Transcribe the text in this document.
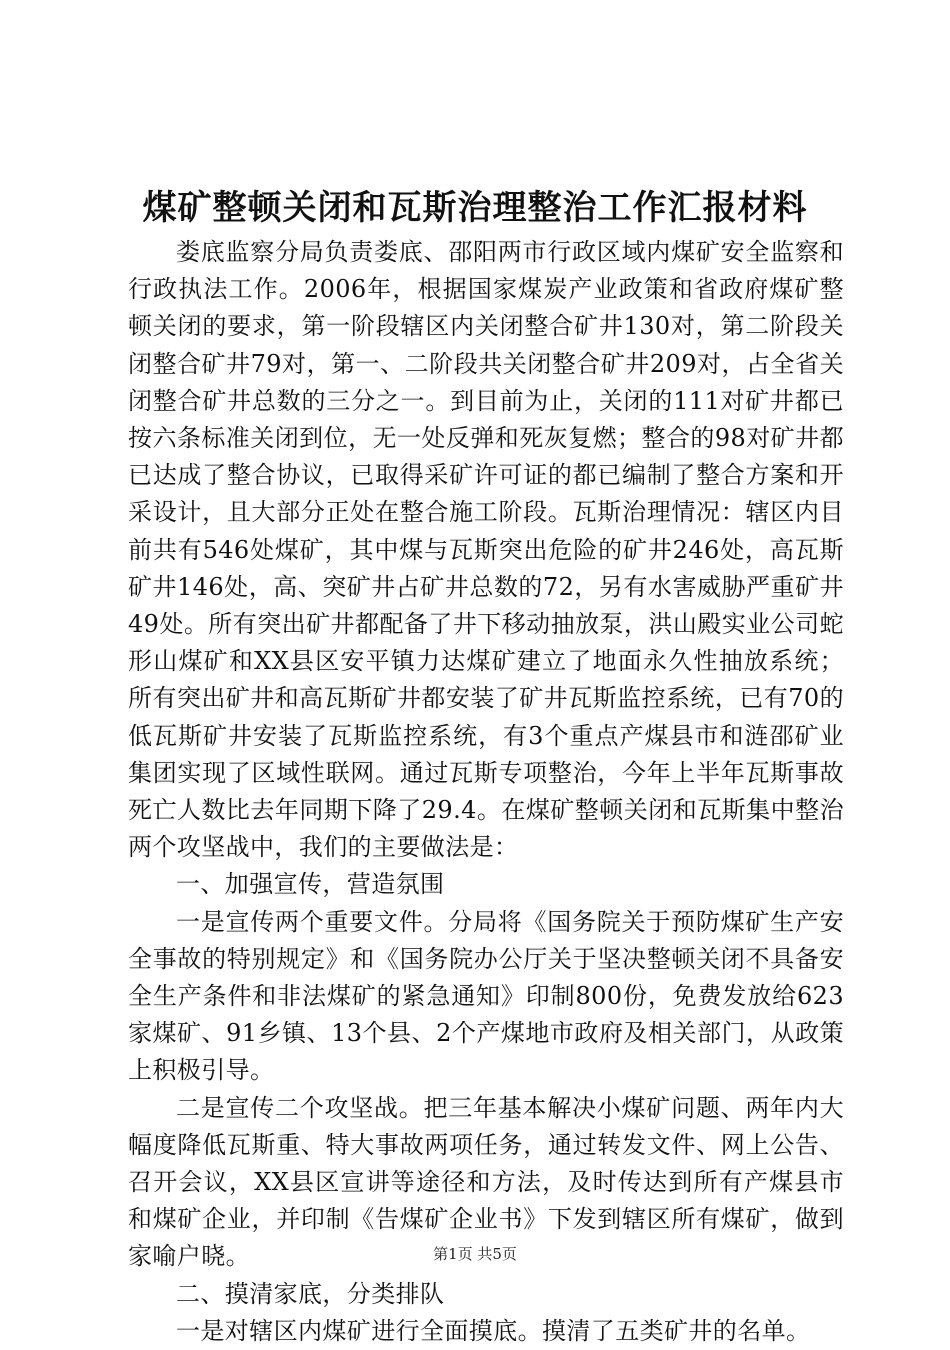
煤矿整顿关闭和瓦斯治理整治工作汇报材料

娄底监察分局负责娄底、邵阳两市行政区域内煤矿安全监察和行政执法工作。2006年，根据国家煤炭产业政策和省政府煤矿整顿关闭的要求，第一阶段辖区内关闭整合矿井130对，第二阶段关闭整合矿井79对，第一、二阶段共关闭整合矿井209对，占全省关闭整合矿井总数的三分之一。到目前为止，关闭的111对矿井都已按六条标准关闭到位，无一处反弹和死灰复燃；整合的98对矿井都已达成了整合协议，已取得采矿许可证的都已编制了整合方案和开采设计，且大部分正处在整合施工阶段。瓦斯治理情况：辖区内目前共有546处煤矿，其中煤与瓦斯突出危险的矿井246处，高瓦斯矿井146处，高、突矿井占矿井总数的72，另有水害威胁严重矿井49处。所有突出矿井都配备了井下移动抽放泵，洪山殿实业公司蛇形山煤矿和XX县区安平镇力达煤矿建立了地面永久性抽放系统；所有突出矿井和高瓦斯矿井都安装了矿井瓦斯监控系统，已有70的低瓦斯矿井安装了瓦斯监控系统，有3个重点产煤县市和涟邵矿业集团实现了区域性联网。通过瓦斯专项整治，今年上半年瓦斯事故死亡人数比去年同期下降了29.4。在煤矿整顿关闭和瓦斯集中整治两个攻坚战中，我们的主要做法是：

一、加强宣传，营造氛围

一是宣传两个重要文件。分局将《国务院关于预防煤矿生产安全事故的特别规定》和《国务院办公厅关于坚决整顿关闭不具备安全生产条件和非法煤矿的紧急通知》印制800份，免费发放给623家煤矿、91乡镇、13个县、2个产煤地市政府及相关部门，从政策上积极引导。

二是宣传二个攻坚战。把三年基本解决小煤矿问题、两年内大幅度降低瓦斯重、特大事故两项任务，通过转发文件、网上公告、召开会议，XX县区宣讲等途径和方法，及时传达到所有产煤县市和煤矿企业，并印制《告煤矿企业书》下发到辖区所有煤矿，做到家喻户晓。

二、摸清家底，分类排队

一是对辖区内煤矿进行全面摸底。摸清了五类矿井的名单。

第1页 共5页
